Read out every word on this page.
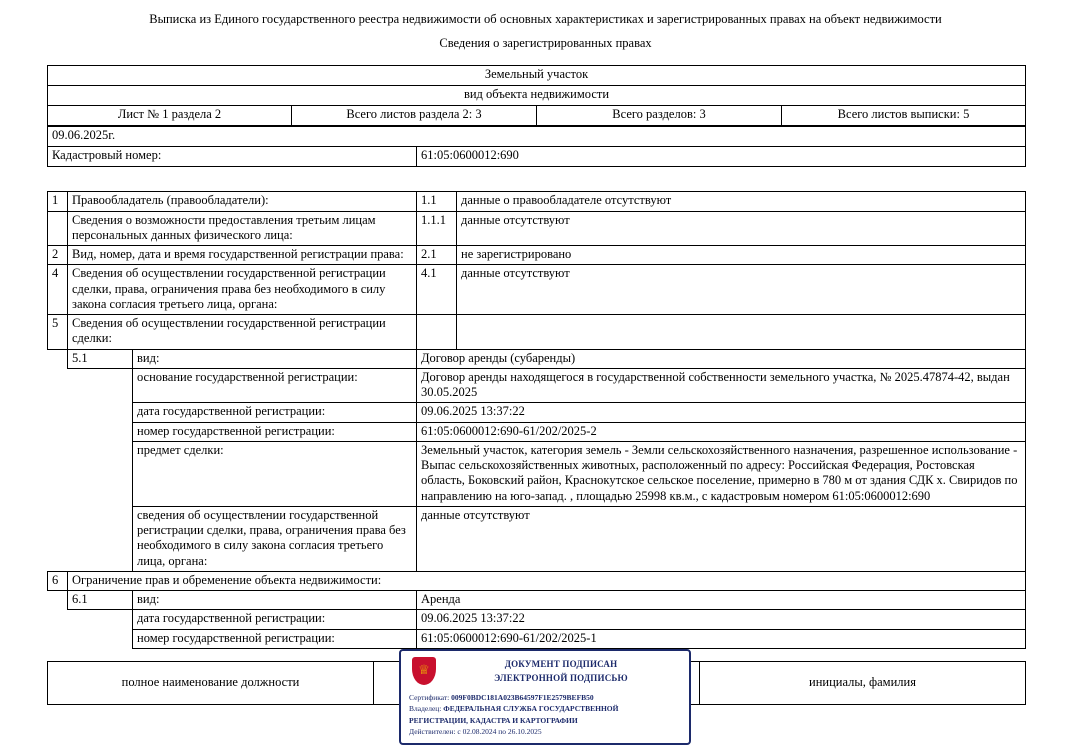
Выписка из Единого государственного реестра недвижимости об основных характеристиках и зарегистрированных правах на объект недвижимости
Сведения о зарегистрированных правах
Земельный участок
вид объекта недвижимости
Лист № 1 раздела 2	Всего листов раздела 2: 3	Всего разделов: 3	Всего листов выписки: 5
09.06.2025г.
Кадастровый номер:	61:05:0600012:690
1	Правообладатель (правообладатели):		1.1	данные о правообладателе отсутствуют
	Сведения о возможности предоставления третьим лицам персональных данных физического лица:		1.1.1	данные отсутствуют
2	Вид, номер, дата и время государственной регистрации права:		2.1	не зарегистрировано
4	Сведения об осуществлении государственной регистрации сделки, права, ограничения права без необходимого в силу закона согласия третьего лица, органа:		4.1	данные отсутствуют
5	Сведения об осуществлении государственной регистрации сделки:			
	5.1	вид:	Договор аренды (субаренды)	
		основание государственной регистрации:	Договор аренды находящегося в государственной собственности земельного участка, № 2025.47874-42, выдан 30.05.2025	
		дата государственной регистрации:	09.06.2025 13:37:22	
		номер государственной регистрации:	61:05:0600012:690-61/202/2025-2	
		предмет сделки:	Земельный участок, категория земель - Земли сельскохозяйственного назначения, разрешенное использование - Выпас сельскохозяйственных животных, расположенный по адресу: Российская Федерация, Ростовская область, Боковский район, Краснокутское сельское поселение, примерно в 780 м от здания СДК х. Свиридов по направлению на юго-запад. , площадью 25998 кв.м., с кадастровым номером 61:05:0600012:690	
		сведения об осуществлении государственной регистрации сделки, права, ограничения права без необходимого в силу закона согласия третьего лица, органа:	данные отсутствуют	
6	Ограничение прав и обременение объекта недвижимости:			
	6.1	вид:	Аренда	
		дата государственной регистрации:	09.06.2025 13:37:22	
		номер государственной регистрации:	61:05:0600012:690-61/202/2025-1	
полное наименование должности		инициалы, фамилия
♕	ДОКУМЕНТ ПОДПИСАН
ЭЛЕКТРОННОЙ ПОДПИСЬЮ
Сертификат: 009F0BDC181A023B64597F1E2579BEFB50
Владелец: ФЕДЕРАЛЬНАЯ СЛУЖБА ГОСУДАРСТВЕННОЙ
РЕГИСТРАЦИИ, КАДАСТРА И КАРТОГРАФИИ
Действителен: с 02.08.2024 по 26.10.2025
